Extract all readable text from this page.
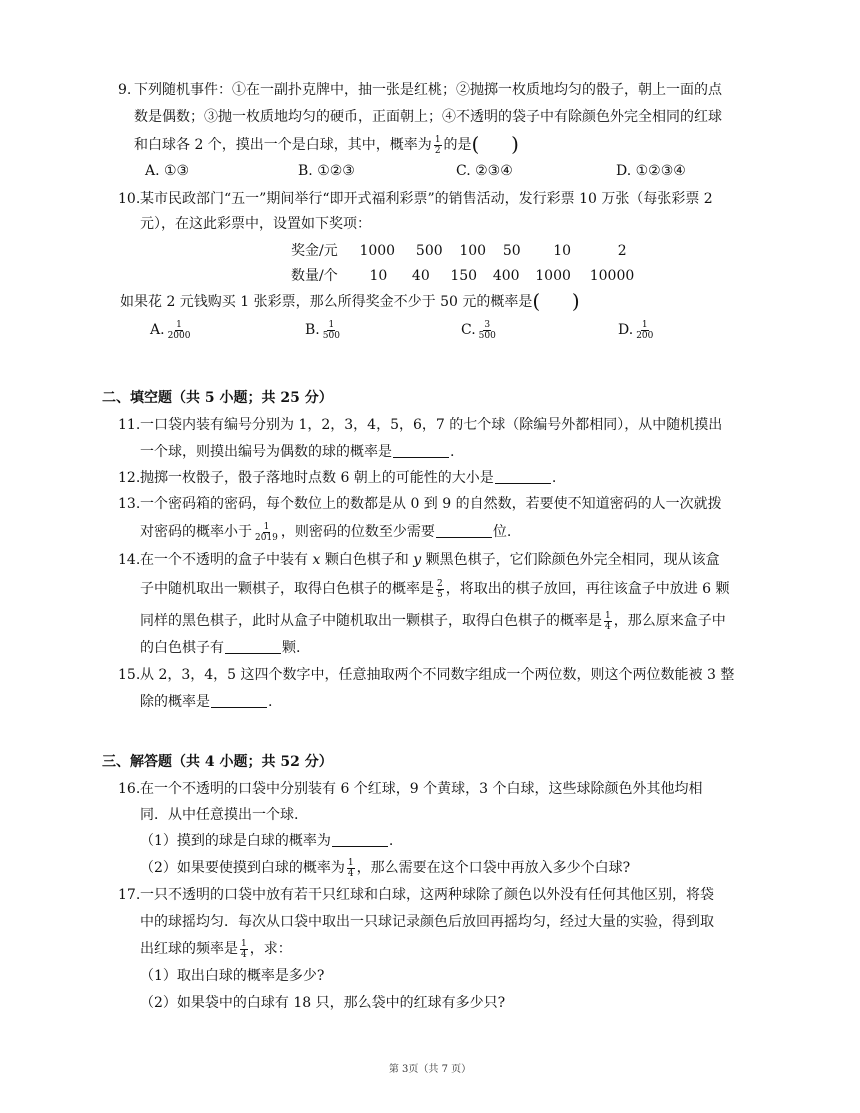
9. 下列随机事件：①在一副扑克牌中，抽一张是红桃；②抛掷一枚质地均匀的骰子，朝上一面的点
数是偶数；③抛一枚质地均匀的硬币，正面朝上；④不透明的袋子中有除颜色外完全相同的红球
和白球各 2 个，摸出一个是白球，其中，概率为 $\frac{1}{2}$ 的是(     )
A. ①③	B. ①②③	C. ②③④	D. ①②③④
10. 某市民政部门“五一”期间举行“即开式福利彩票”的销售活动，发行彩票 10 万张（每张彩票 2
元），在这此彩票中，设置如下奖项：
奖金/元 1000 500 100 50 10	2
数量/个 10 40 150 400 1000 10000
如果花 2 元钱购买 1 张彩票，那么所得奖金不少于 50 元的概率是(     )
A. $\frac{1}{2000}$	B. $\frac{1}{500}$	C. $\frac{3}{500}$	D. $\frac{1}{200}$
二、填空题（共 5 小题；共 25 分）
11. 一口袋内装有编号分别为 1，2，3，4，5，6，7 的七个球（除编号外都相同），从中随机摸出
一个球，则摸出编号为偶数的球的概率是	.
12. 抛掷一枚骰子，骰子落地时点数 6 朝上的可能性的大小是	.
13. 一个密码箱的密码，每个数位上的数都是从 0 到 9 的自然数，若要使不知道密码的人一次就拨
对密码的概率小于 $\frac{1}{2019}$ ，则密码的位数至少需要	位.
14. 在一个不透明的盒子中装有 x 颗白色棋子和 y 颗黑色棋子，它们除颜色外完全相同，现从该盒
子中随机取出一颗棋子，取得白色棋子的概率是 $\frac{2}{5}$ ，将取出的棋子放回，再往该盒子中放进 6 颗
同样的黑色棋子，此时从盒子中随机取出一颗棋子，取得白色棋子的概率是 $\frac{1}{4}$ ，那么原来盒子中
的白色棋子有	颗.
15. 从 2，3，4，5 这四个数字中，任意抽取两个不同数字组成一个两位数，则这个两位数能被 3 整
除的概率是	.
三、解答题（共 4 小题；共 52 分）
16. 在一个不透明的口袋中分别装有 6 个红球，9 个黄球，3 个白球，这些球除颜色外其他均相
同．从中任意摸出一个球.
（1）摸到的球是白球的概率为	.
（2）如果要使摸到白球的概率为 $\frac{1}{4}$ ，那么需要在这个口袋中再放入多少个白球?
17. 一只不透明的口袋中放有若干只红球和白球，这两种球除了颜色以外没有任何其他区别，将袋
中的球摇均匀．每次从口袋中取出一只球记录颜色后放回再摇均匀，经过大量的实验，得到取
出红球的频率是 $\frac{1}{4}$ ，求：
（1）取出白球的概率是多少?
（2）如果袋中的白球有 18 只，那么袋中的红球有多少只?
第 3页（共 7 页）
